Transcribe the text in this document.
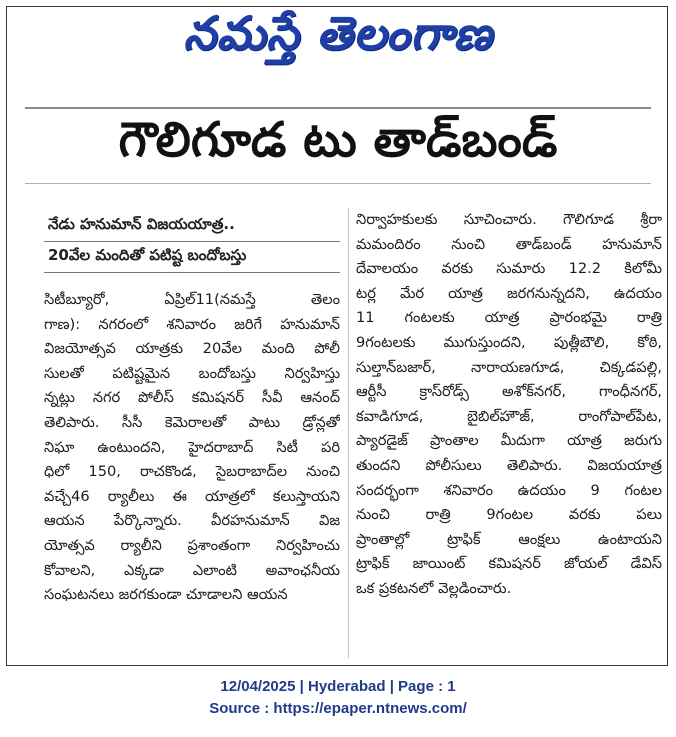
నమస్తే తెలంగాణ
గౌలిగూడ టు తాడ్‌బండ్
నేడు హనుమాన్ విజయయాత్ర..
20వేల మందితో పటిష్ట బందోబస్తు
సిటీబ్యూరో, ఏప్రిల్11(నమస్తే తెలం
గాణ): నగరంలో శనివారం జరిగే హనుమాన్
విజయోత్సవ యాత్రకు 20వేల మంది పోలీ
సులతో పటిష్టమైన బందోబస్తు నిర్వహిస్తు
న్నట్లు నగర పోలీస్ కమిషనర్ సీవీ ఆనంద్
తెలిపారు. సీసీ కెమెరాలతో పాటు డ్రోన్లతో
నిఘా ఉంటుందని, హైదరాబాద్ సిటీ పరి
ధిలో 150, రాచకొండ, సైబరాబాద్‌ల నుంచి
వచ్చే46 ర్యాలీలు ఈ యాత్రలో కలుస్తాయని
ఆయన పేర్కొన్నారు. వీరహనుమాన్ విజ
యోత్సవ ర్యాలీని ప్రశాంతంగా నిర్వహించు
కోవాలని, ఎక్కడా ఎలాంటి అవాంఛనీయ
సంఘటనలు జరగకుండా చూడాలని ఆయన
నిర్వాహకులకు సూచించారు. గౌలిగూడ శ్రీరా
మమందిరం నుంచి తాడ్‌బండ్ హనుమాన్
దేవాలయం వరకు సుమారు 12.2 కిలోమీ
టర్ల మేర యాత్ర జరగనున్నదని, ఉదయం
11 గంటలకు యాత్ర ప్రారంభమై రాత్రి
9గంటలకు ముగుస్తుందని, పుత్లీబౌలి, కోఠి,
సుల్తాన్‌బజార్, నారాయణగూడ, చిక్కడపల్లి,
ఆర్టీసీ క్రాస్‌రోడ్స్ అశోక్‌నగర్, గాంధీనగర్,
కవాడిగూడ, బైబిల్‌హౌజ్, రాంగోపాల్‌పేట,
ప్యారడైజ్ ప్రాంతాల మీదుగా యాత్ర జరుగు
తుందని పోలీసులు తెలిపారు. విజయయాత్ర
సందర్భంగా శనివారం ఉదయం 9 గంటల
నుంచి రాత్రి 9గంటల వరకు పలు
ప్రాంతాల్లో ట్రాఫిక్ ఆంక్షలు ఉంటాయని
ట్రాఫిక్ జాయింట్ కమిషనర్ జోయల్ డేవిస్
ఒక ప్రకటనలో వెల్లడించారు.
12/04/2025 | Hyderabad | Page : 1
Source : https://epaper.ntnews.com/
